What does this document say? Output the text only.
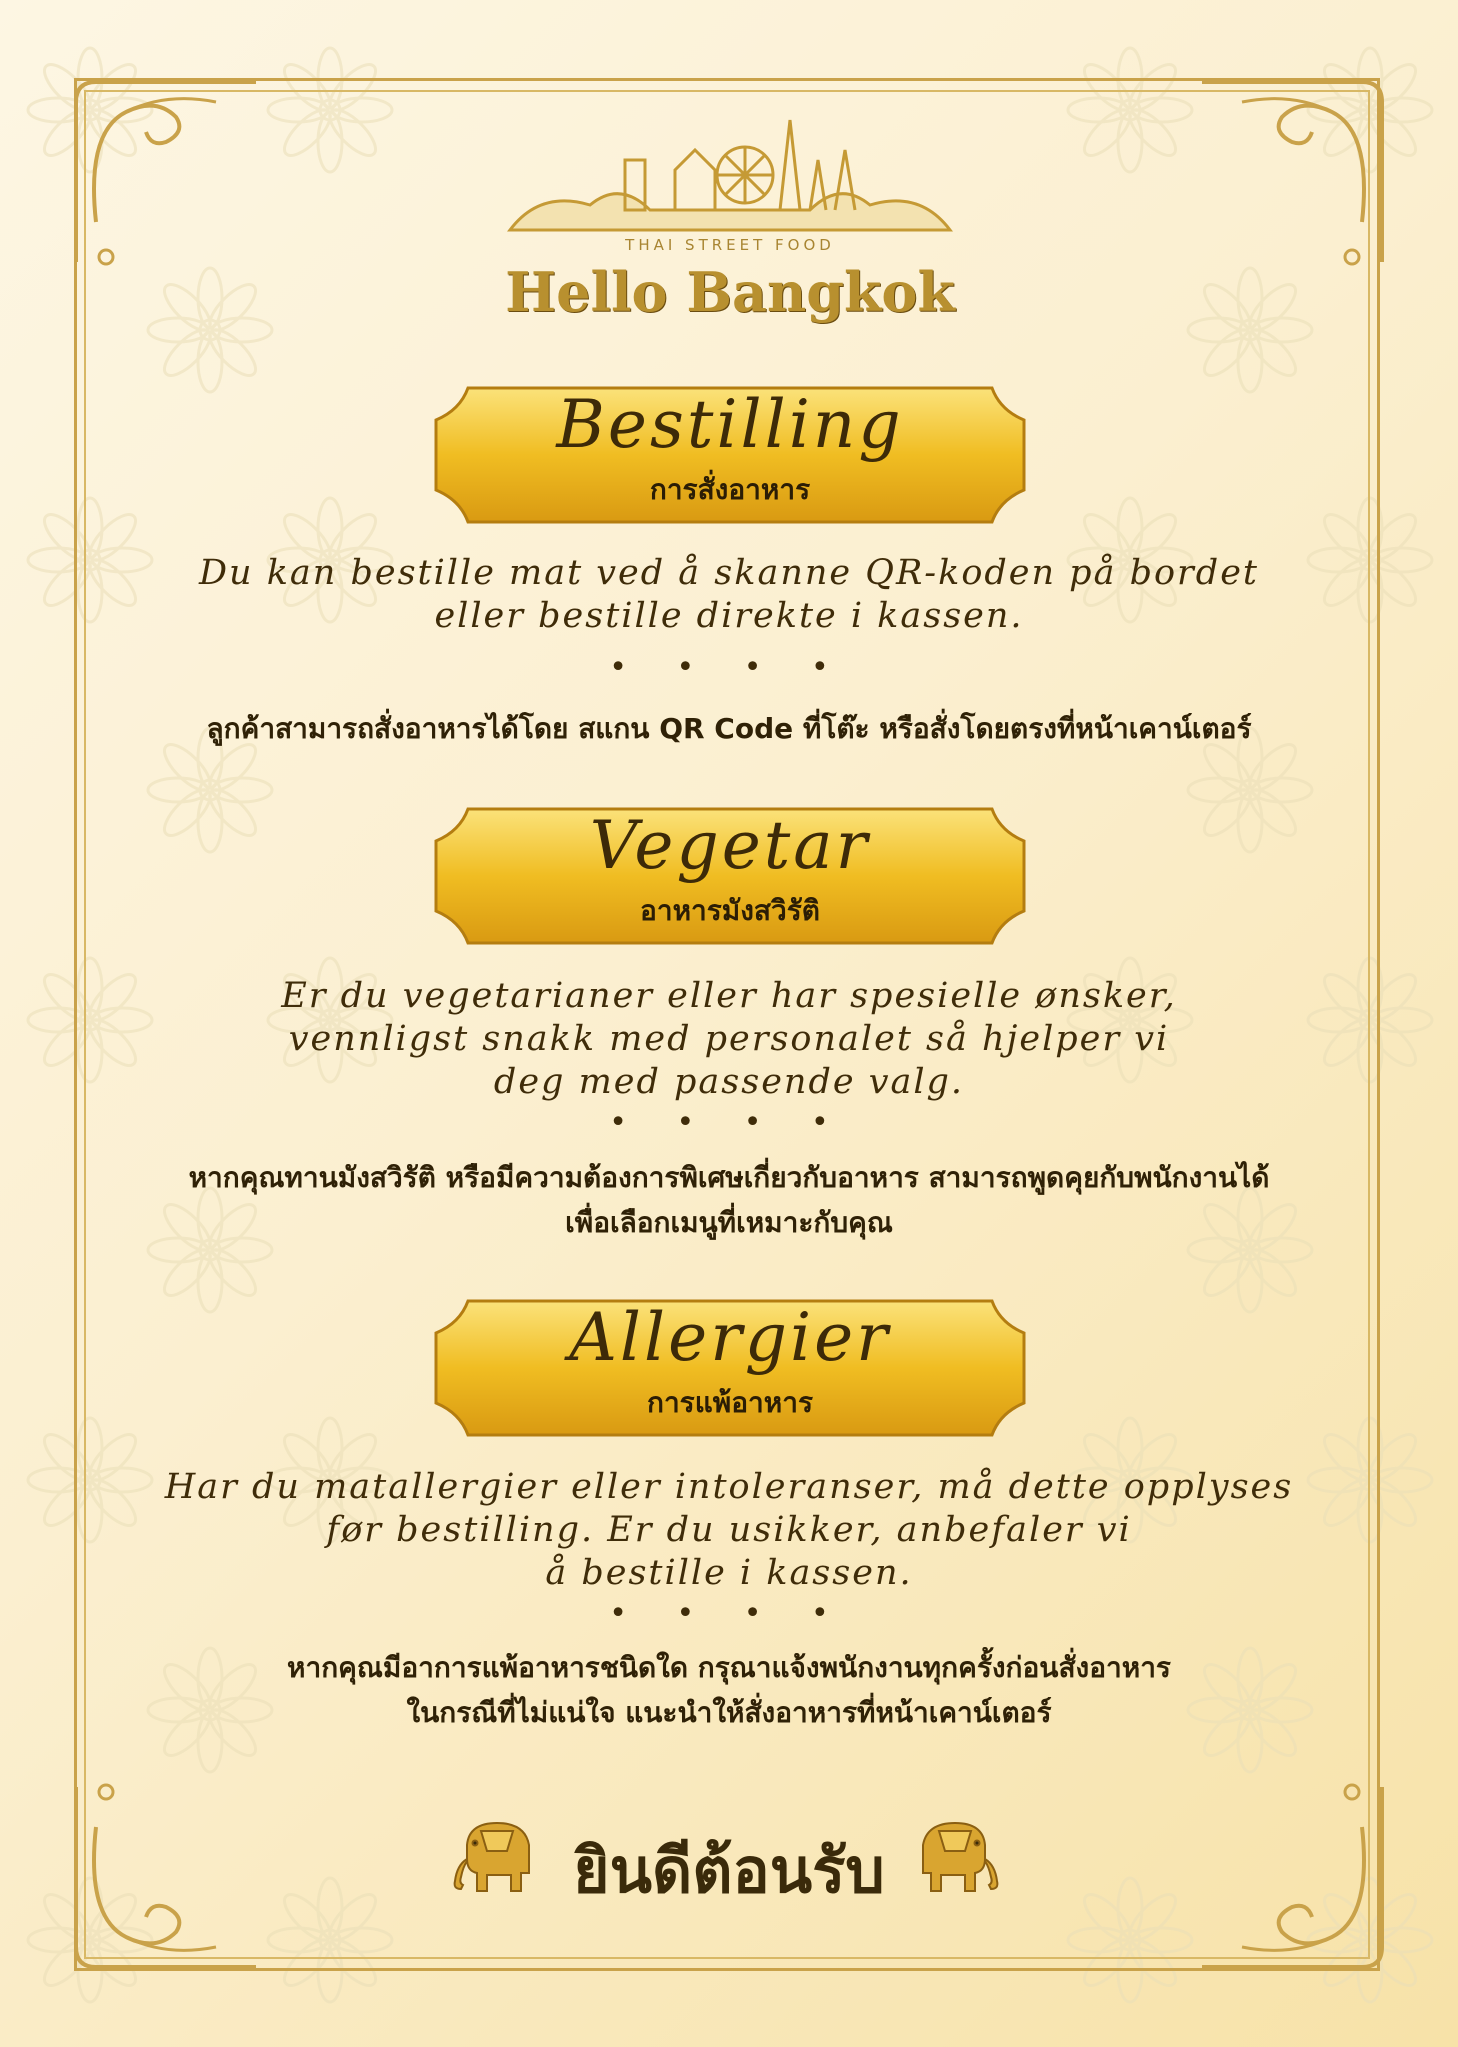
THAI STREET FOOD
Hello Bangkok
Bestilling
การสั่งอาหาร
Du kan bestille mat ved å skanne QR-koden på bordet
eller bestille direkte i kassen.
• • • •
ลูกค้าสามารถสั่งอาหารได้โดย สแกน QR Code ที่โต๊ะ หรือสั่งโดยตรงที่หน้าเคาน์เตอร์
Vegetar
อาหารมังสวิรัติ
Er du vegetarianer eller har spesielle ønsker,
vennligst snakk med personalet så hjelper vi
deg med passende valg.
• • • •
หากคุณทานมังสวิรัติ หรือมีความต้องการพิเศษเกี่ยวกับอาหาร สามารถพูดคุยกับพนักงานได้
เพื่อเลือกเมนูที่เหมาะกับคุณ
Allergier
การแพ้อาหาร
Har du matallergier eller intoleranser, må dette opplyses
før bestilling. Er du usikker, anbefaler vi
å bestille i kassen.
• • • •
หากคุณมีอาการแพ้อาหารชนิดใด กรุณาแจ้งพนักงานทุกครั้งก่อนสั่งอาหาร
ในกรณีที่ไม่แน่ใจ แนะนำให้สั่งอาหารที่หน้าเคาน์เตอร์
ยินดีต้อนรับ
